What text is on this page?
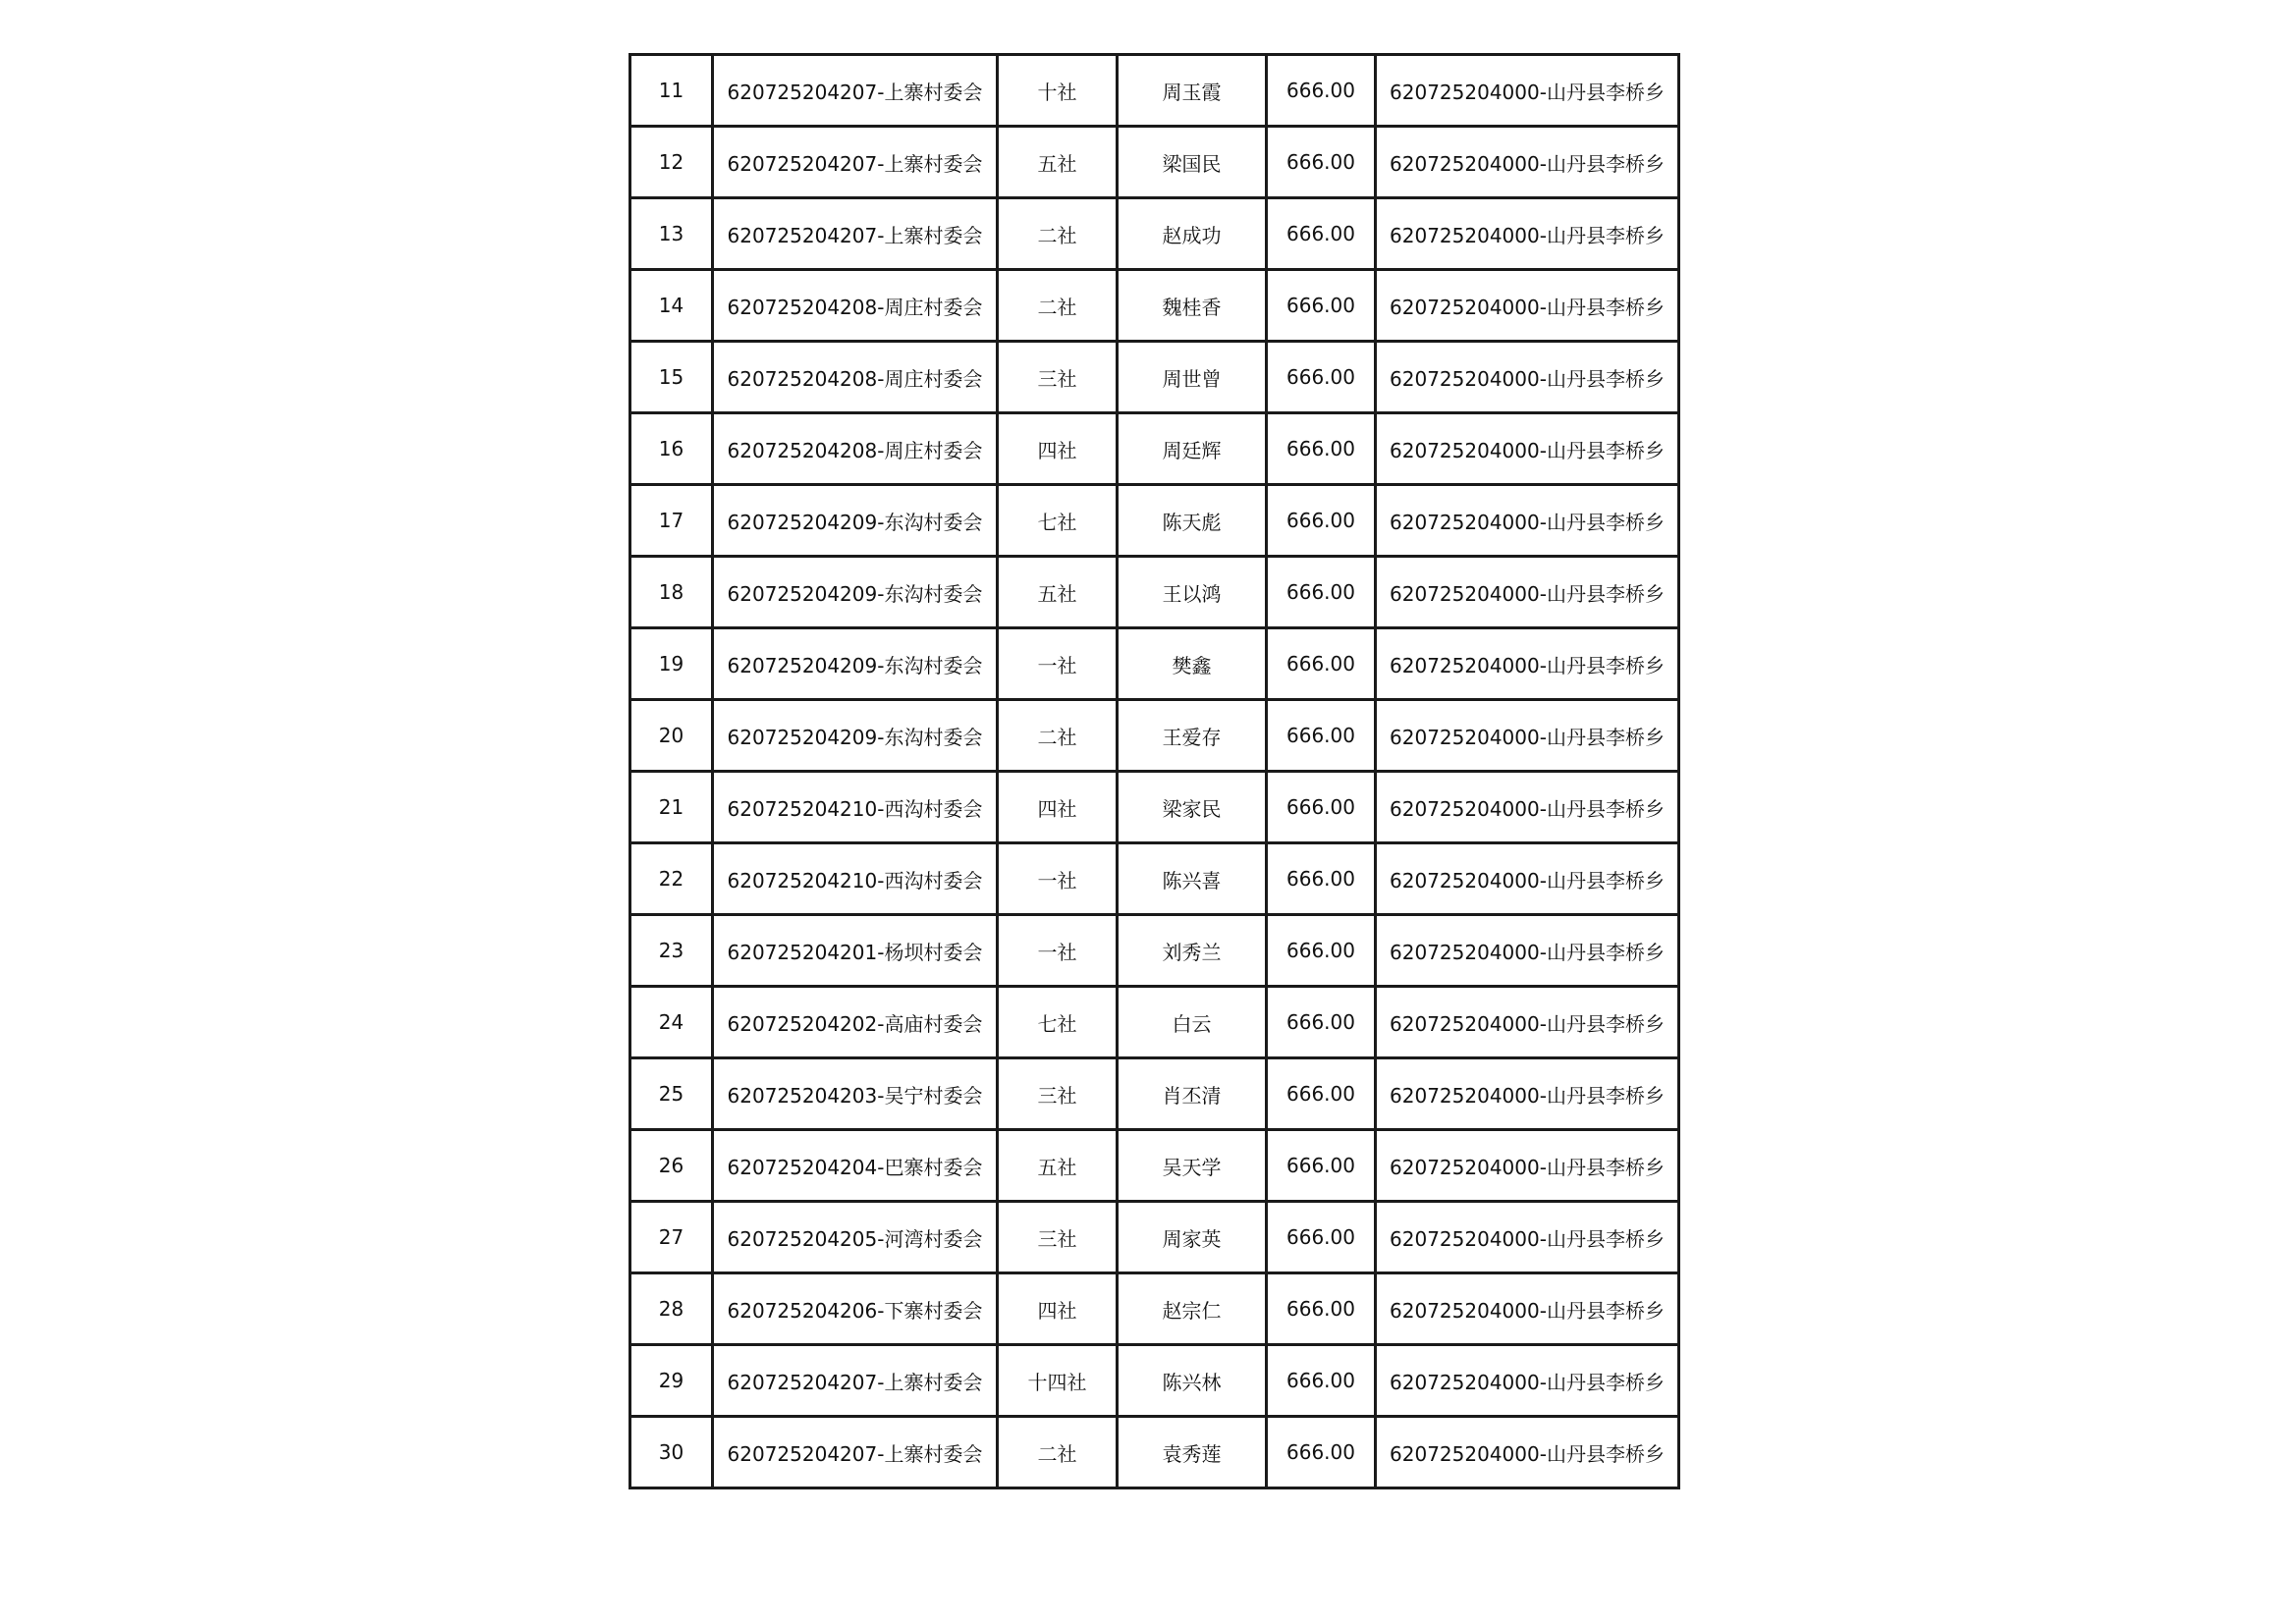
11	620725204207-上寨村委会	十社	周玉霞	666.00	620725204000-山丹县李桥乡
12	620725204207-上寨村委会	五社	梁国民	666.00	620725204000-山丹县李桥乡
13	620725204207-上寨村委会	二社	赵成功	666.00	620725204000-山丹县李桥乡
14	620725204208-周庄村委会	二社	魏桂香	666.00	620725204000-山丹县李桥乡
15	620725204208-周庄村委会	三社	周世曾	666.00	620725204000-山丹县李桥乡
16	620725204208-周庄村委会	四社	周廷辉	666.00	620725204000-山丹县李桥乡
17	620725204209-东沟村委会	七社	陈天彪	666.00	620725204000-山丹县李桥乡
18	620725204209-东沟村委会	五社	王以鸿	666.00	620725204000-山丹县李桥乡
19	620725204209-东沟村委会	一社	樊鑫	666.00	620725204000-山丹县李桥乡
20	620725204209-东沟村委会	二社	王爱存	666.00	620725204000-山丹县李桥乡
21	620725204210-西沟村委会	四社	梁家民	666.00	620725204000-山丹县李桥乡
22	620725204210-西沟村委会	一社	陈兴喜	666.00	620725204000-山丹县李桥乡
23	620725204201-杨坝村委会	一社	刘秀兰	666.00	620725204000-山丹县李桥乡
24	620725204202-高庙村委会	七社	白云	666.00	620725204000-山丹县李桥乡
25	620725204203-吴宁村委会	三社	肖丕清	666.00	620725204000-山丹县李桥乡
26	620725204204-巴寨村委会	五社	吴天学	666.00	620725204000-山丹县李桥乡
27	620725204205-河湾村委会	三社	周家英	666.00	620725204000-山丹县李桥乡
28	620725204206-下寨村委会	四社	赵宗仁	666.00	620725204000-山丹县李桥乡
29	620725204207-上寨村委会	十四社	陈兴林	666.00	620725204000-山丹县李桥乡
30	620725204207-上寨村委会	二社	袁秀莲	666.00	620725204000-山丹县李桥乡
